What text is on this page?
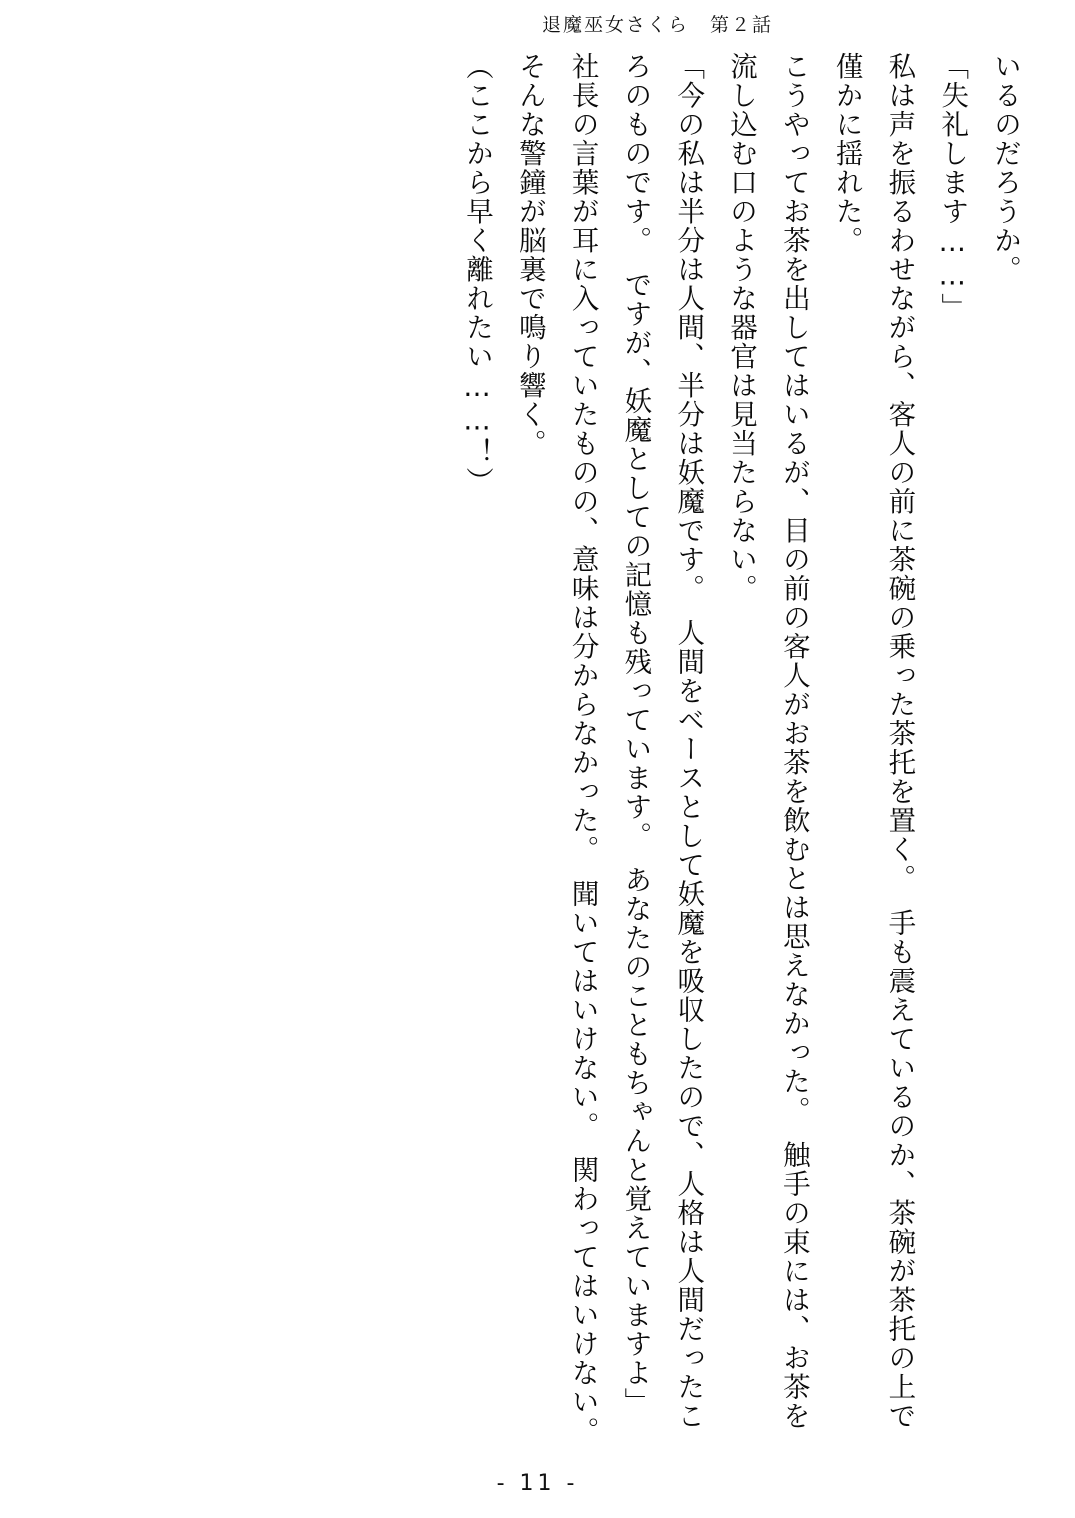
退魔巫女さくら　第２話

いるのだろうか。

「失礼します……」

私は声を振るわせながら、客人の前に茶碗の乗った茶托を置く。　手も震えているのか、茶碗が茶托の上で僅かに揺れた。

こうやってお茶を出してはいるが、目の前の客人がお茶を飲むとは思えなかった。　触手の束には、お茶を流し込む口のような器官は見当たらない。

「今の私は半分は人間、半分は妖魔です。　人間をベースとして妖魔を吸収したので、人格は人間だったころのものです。　ですが、妖魔としての記憶も残っています。　あなたのこともちゃんと覚えていますよ」

社長の言葉が耳に入っていたものの、意味は分からなかった。　聞いてはいけない。　関わってはいけない。　そんな警鐘が脳裏で鳴り響く。

（ここから早く離れたい……！）

- 11 -
